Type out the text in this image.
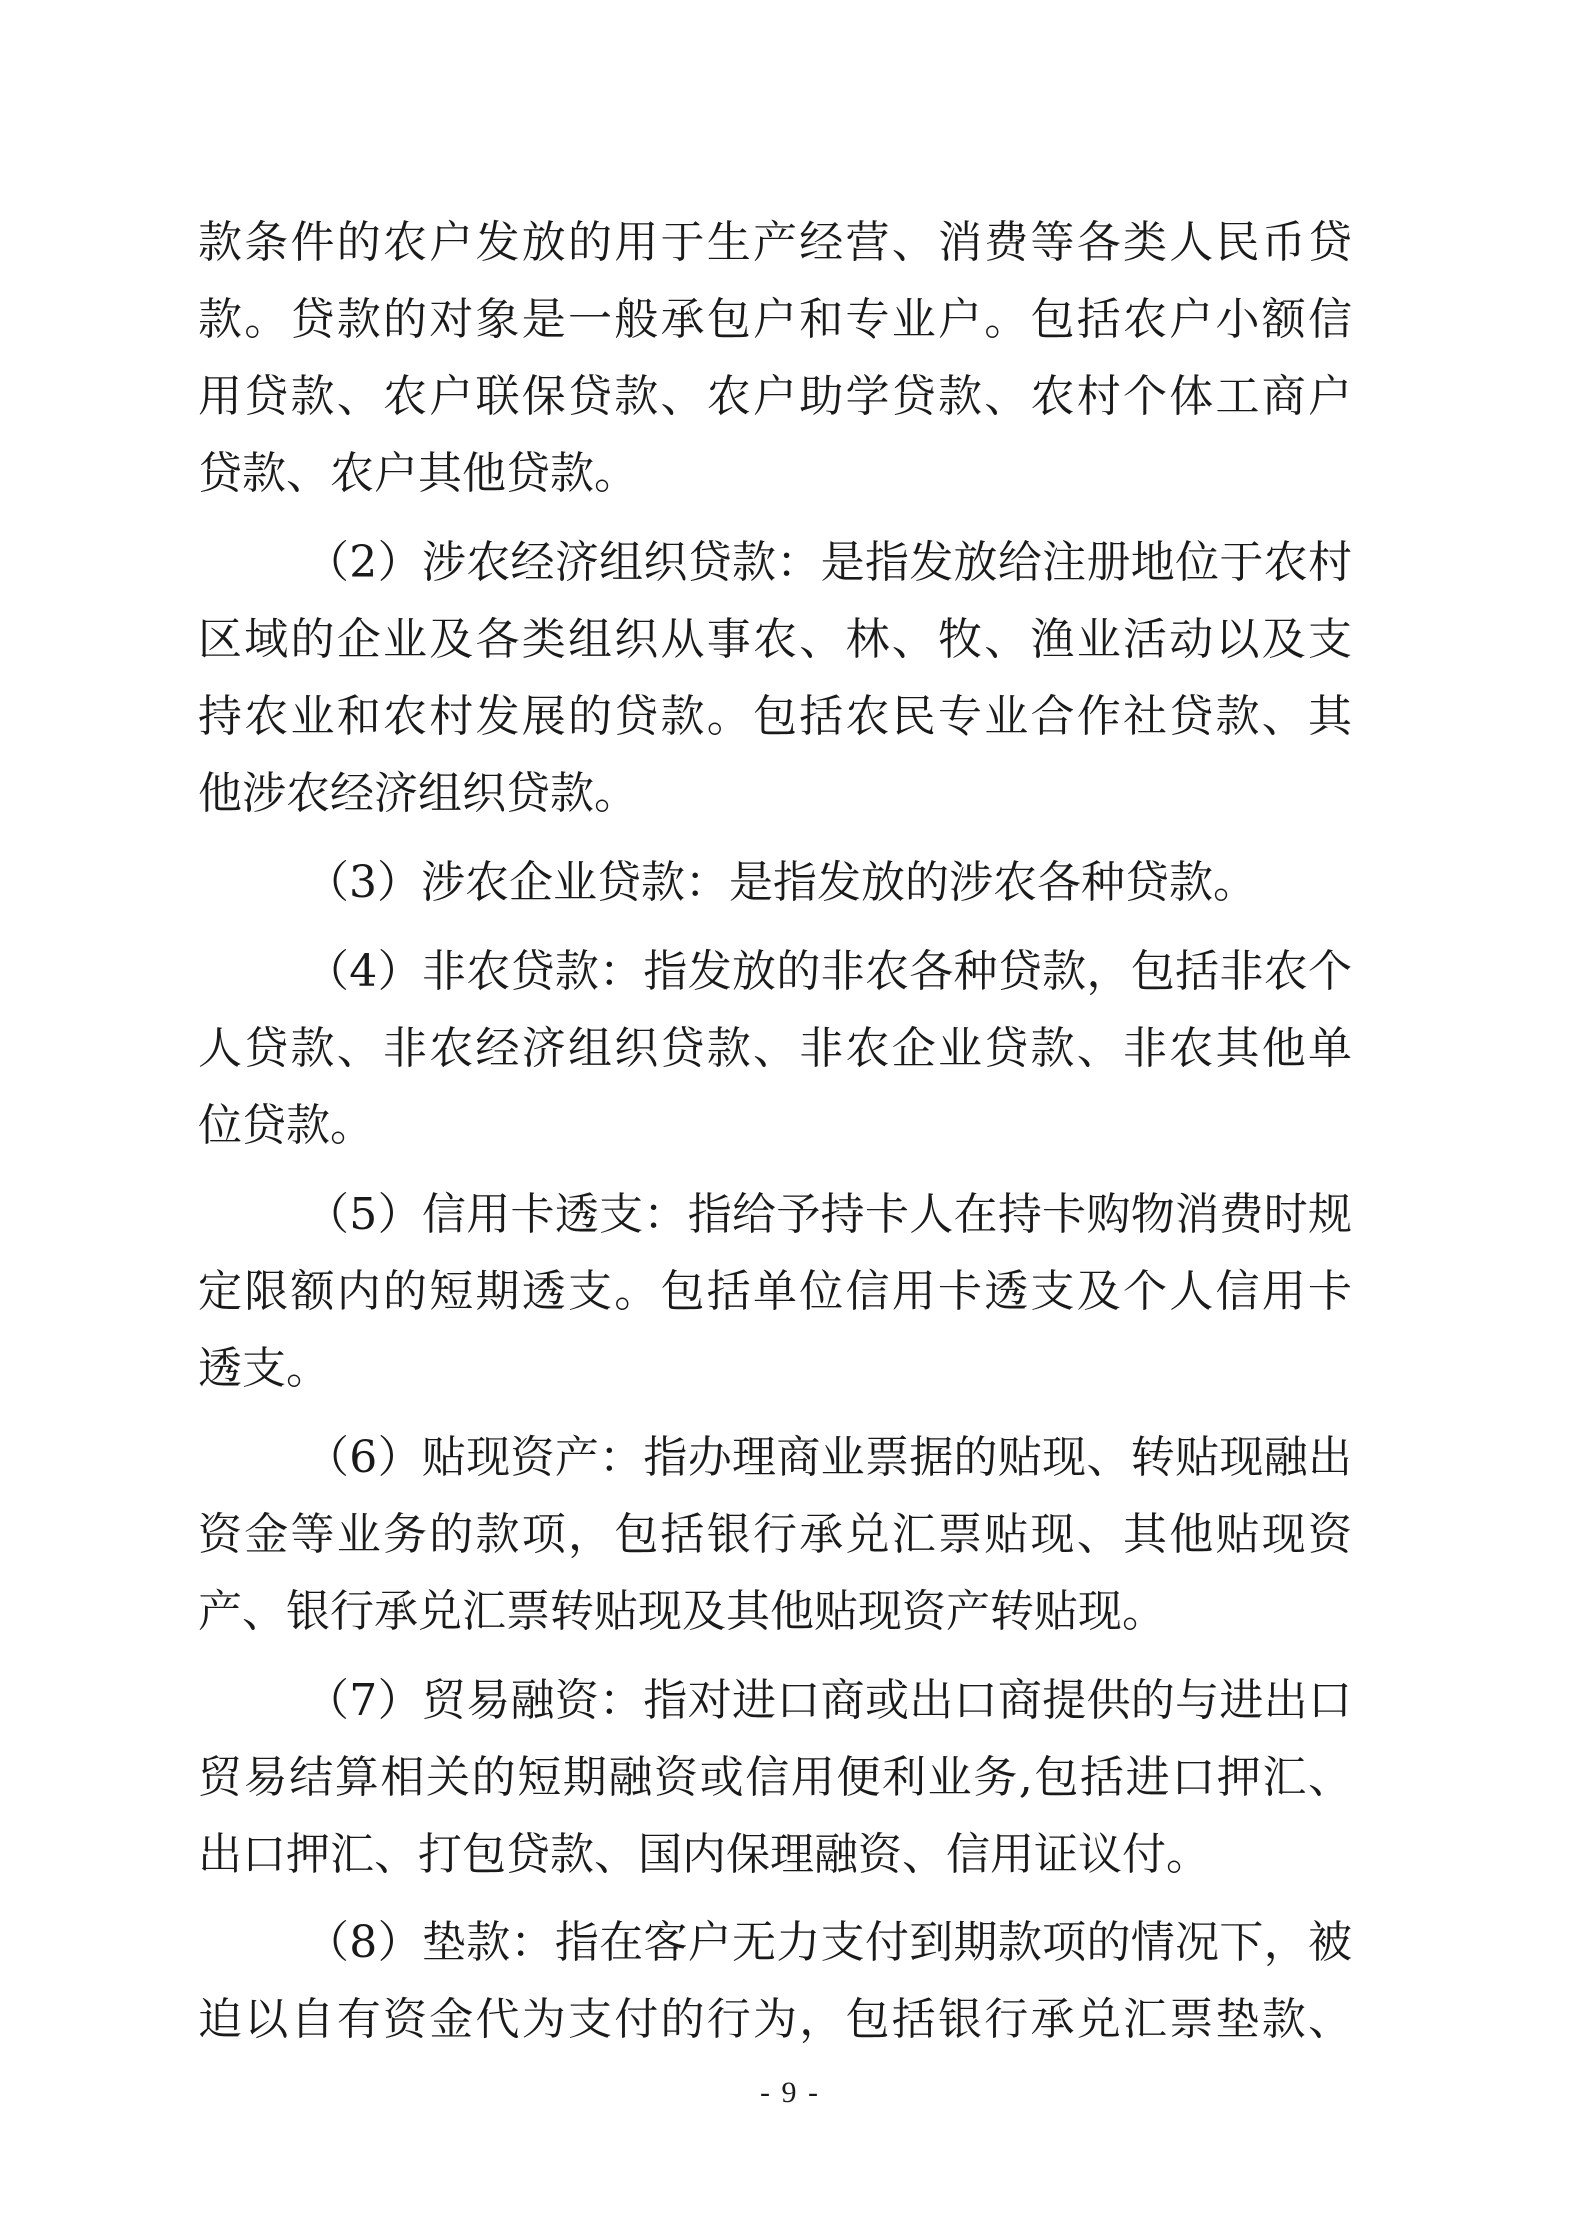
款条件的农户发放的用于生产经营、消费等各类人民币贷
款。贷款的对象是一般承包户和专业户。包括农户小额信
用贷款、农户联保贷款、农户助学贷款、农村个体工商户
贷款、农户其他贷款。
（2）涉农经济组织贷款：是指发放给注册地位于农村
区域的企业及各类组织从事农、林、牧、渔业活动以及支
持农业和农村发展的贷款。包括农民专业合作社贷款、其
他涉农经济组织贷款。
（3）涉农企业贷款：是指发放的涉农各种贷款。
（4）非农贷款：指发放的非农各种贷款，包括非农个
人贷款、非农经济组织贷款、非农企业贷款、非农其他单
位贷款。
（5）信用卡透支：指给予持卡人在持卡购物消费时规
定限额内的短期透支。包括单位信用卡透支及个人信用卡
透支。
（6）贴现资产：指办理商业票据的贴现、转贴现融出
资金等业务的款项，包括银行承兑汇票贴现、其他贴现资
产、银行承兑汇票转贴现及其他贴现资产转贴现。
（7）贸易融资：指对进口商或出口商提供的与进出口
贸易结算相关的短期融资或信用便利业务,包括进口押汇、
出口押汇、打包贷款、国内保理融资、信用证议付。
（8）垫款：指在客户无力支付到期款项的情况下，被
迫以自有资金代为支付的行为，包括银行承兑汇票垫款、
- 9 -
